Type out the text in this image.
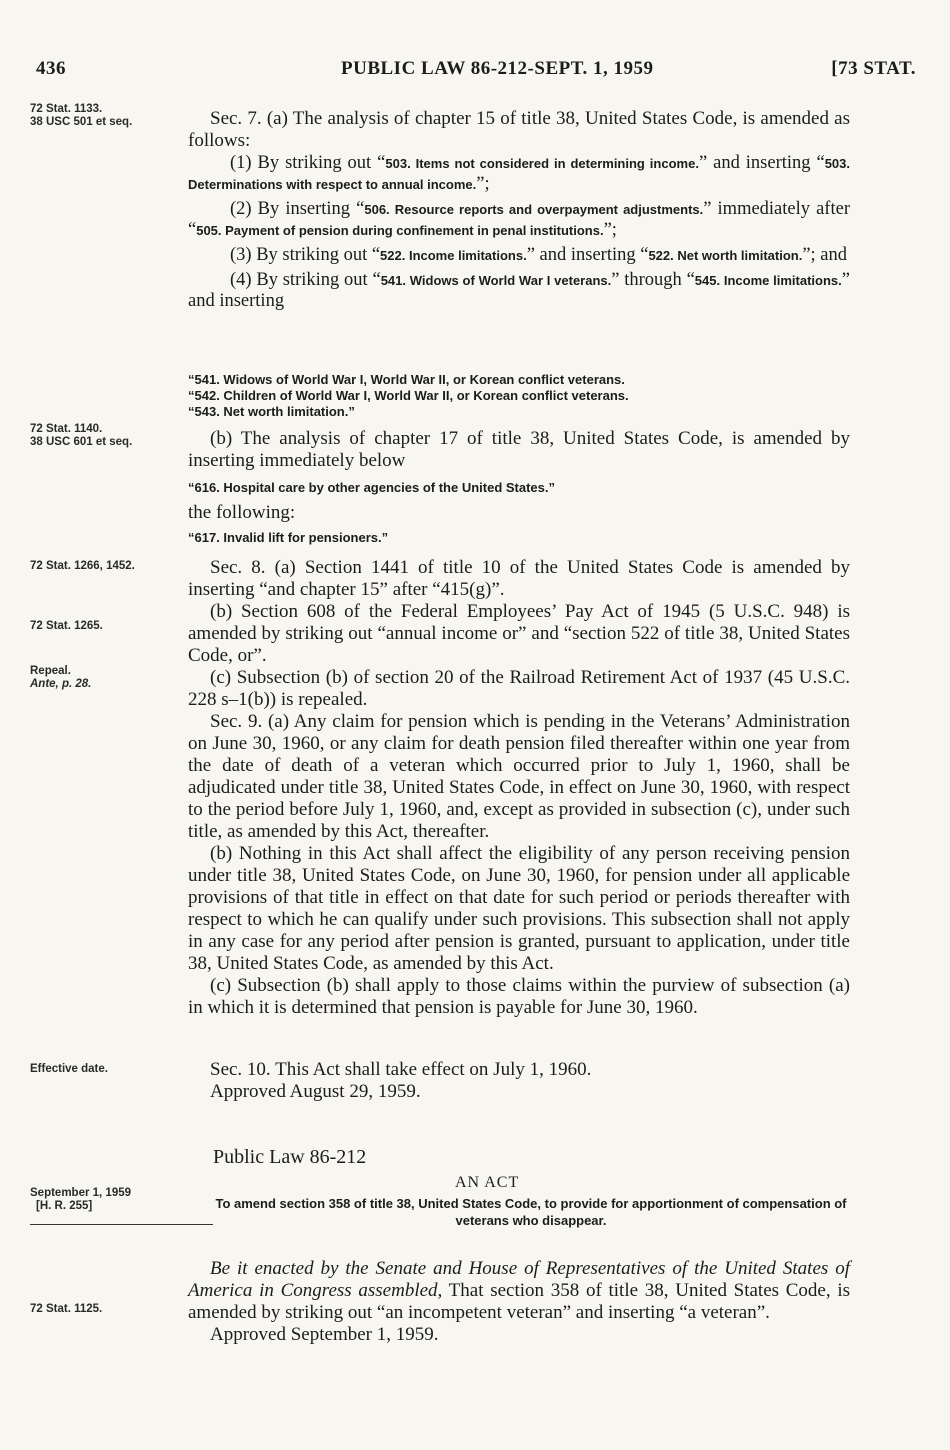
436	PUBLIC LAW 86-212-SEPT. 1, 1959	[73 STAT.
72 Stat. 1133.
38 USC 501 et seq.
72 Stat. 1140.
38 USC 601 et seq.
72 Stat. 1266, 1452.
72 Stat. 1265.
Repeal.
Ante, p. 28.
Effective date.
September 1, 1959
[H. R. 255]
72 Stat. 1125.

Sec. 7. (a) The analysis of chapter 15 of title 38, United States Code, is amended as follows:

(1) By striking out “503. Items not considered in determining income.” and inserting “503. Determinations with respect to annual income.”;

(2) By inserting “506. Resource reports and overpayment adjustments.” immediately after “505. Payment of pension during confinement in penal institutions.”;

(3) By striking out “522. Income limitations.” and inserting “522. Net worth limitation.”; and

(4) By striking out “541. Widows of World War I veterans.” through “545. Income limitations.” and inserting

“541. Widows of World War I, World War II, or Korean conflict veterans.
“542. Children of World War I, World War II, or Korean conflict veterans.
“543. Net worth limitation.”

(b) The analysis of chapter 17 of title 38, United States Code, is amended by inserting immediately below

“616. Hospital care by other agencies of the United States.”
the following:
“617. Invalid lift for pensioners.”

Sec. 8. (a) Section 1441 of title 10 of the United States Code is amended by inserting “and chapter 15” after “415(g)”.

(b) Section 608 of the Federal Employees’ Pay Act of 1945 (5 U.S.C. 948) is amended by striking out “annual income or” and “section 522 of title 38, United States Code, or”.

(c) Subsection (b) of section 20 of the Railroad Retirement Act of 1937 (45 U.S.C. 228 s–1(b)) is repealed.

Sec. 9. (a) Any claim for pension which is pending in the Veterans’ Administration on June 30, 1960, or any claim for death pension filed thereafter within one year from the date of death of a veteran which occurred prior to July 1, 1960, shall be adjudicated under title 38, United States Code, in effect on June 30, 1960, with respect to the period before July 1, 1960, and, except as provided in subsection (c), under such title, as amended by this Act, thereafter.

(b) Nothing in this Act shall affect the eligibility of any person receiving pension under title 38, United States Code, on June 30, 1960, for pension under all applicable provisions of that title in effect on that date for such period or periods thereafter with respect to which he can qualify under such provisions. This subsection shall not apply in any case for any period after pension is granted, pursuant to application, under title 38, United States Code, as amended by this Act.

(c) Subsection (b) shall apply to those claims within the purview of subsection (a) in which it is determined that pension is payable for June 30, 1960.

Sec. 10. This Act shall take effect on July 1, 1960.

Approved August 29, 1959.

Public Law 86-212
AN ACT
To amend section 358 of title 38, United States Code, to provide for apportionment of compensation of veterans who disappear.

Be it enacted by the Senate and House of Representatives of the United States of America in Congress assembled, That section 358 of title 38, United States Code, is amended by striking out “an incompetent veteran” and inserting “a veteran”.

Approved September 1, 1959.
